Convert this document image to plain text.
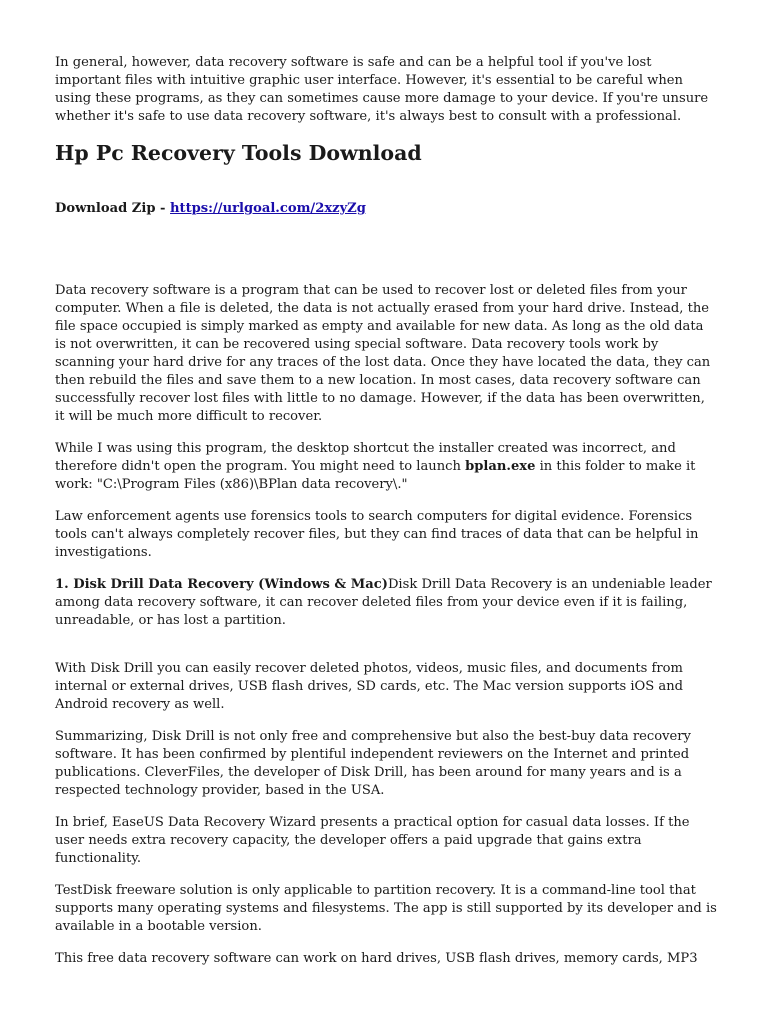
In general, however, data recovery software is safe and can be a helpful tool if you've lost important files with intuitive graphic user interface. However, it's essential to be careful when using these programs, as they can sometimes cause more damage to your device. If you're unsure whether it's safe to use data recovery software, it's always best to consult with a professional.

Hp Pc Recovery Tools Download

Download Zip - https://urlgoal.com/2xzyZg

Data recovery software is a program that can be used to recover lost or deleted files from your computer. When a file is deleted, the data is not actually erased from your hard drive. Instead, the file space occupied is simply marked as empty and available for new data. As long as the old data is not overwritten, it can be recovered using special software. Data recovery tools work by scanning your hard drive for any traces of the lost data. Once they have located the data, they can then rebuild the files and save them to a new location. In most cases, data recovery software can successfully recover lost files with little to no damage. However, if the data has been overwritten, it will be much more difficult to recover.

While I was using this program, the desktop shortcut the installer created was incorrect, and therefore didn't open the program. You might need to launch bplan.exe in this folder to make it work: "C:\Program Files (x86)\BPlan data recovery\."

Law enforcement agents use forensics tools to search computers for digital evidence. Forensics tools can't always completely recover files, but they can find traces of data that can be helpful in investigations.

1. Disk Drill Data Recovery (Windows & Mac)Disk Drill Data Recovery is an undeniable leader among data recovery software, it can recover deleted files from your device even if it is failing, unreadable, or has lost a partition.

With Disk Drill you can easily recover deleted photos, videos, music files, and documents from internal or external drives, USB flash drives, SD cards, etc. The Mac version supports iOS and Android recovery as well.

Summarizing, Disk Drill is not only free and comprehensive but also the best-buy data recovery software. It has been confirmed by plentiful independent reviewers on the Internet and printed publications. CleverFiles, the developer of Disk Drill, has been around for many years and is a respected technology provider, based in the USA.

In brief, EaseUS Data Recovery Wizard presents a practical option for casual data losses. If the user needs extra recovery capacity, the developer offers a paid upgrade that gains extra functionality.

TestDisk freeware solution is only applicable to partition recovery. It is a command-line tool that supports many operating systems and filesystems. The app is still supported by its developer and is available in a bootable version.

This free data recovery software can work on hard drives, USB flash drives, memory cards, MP3
